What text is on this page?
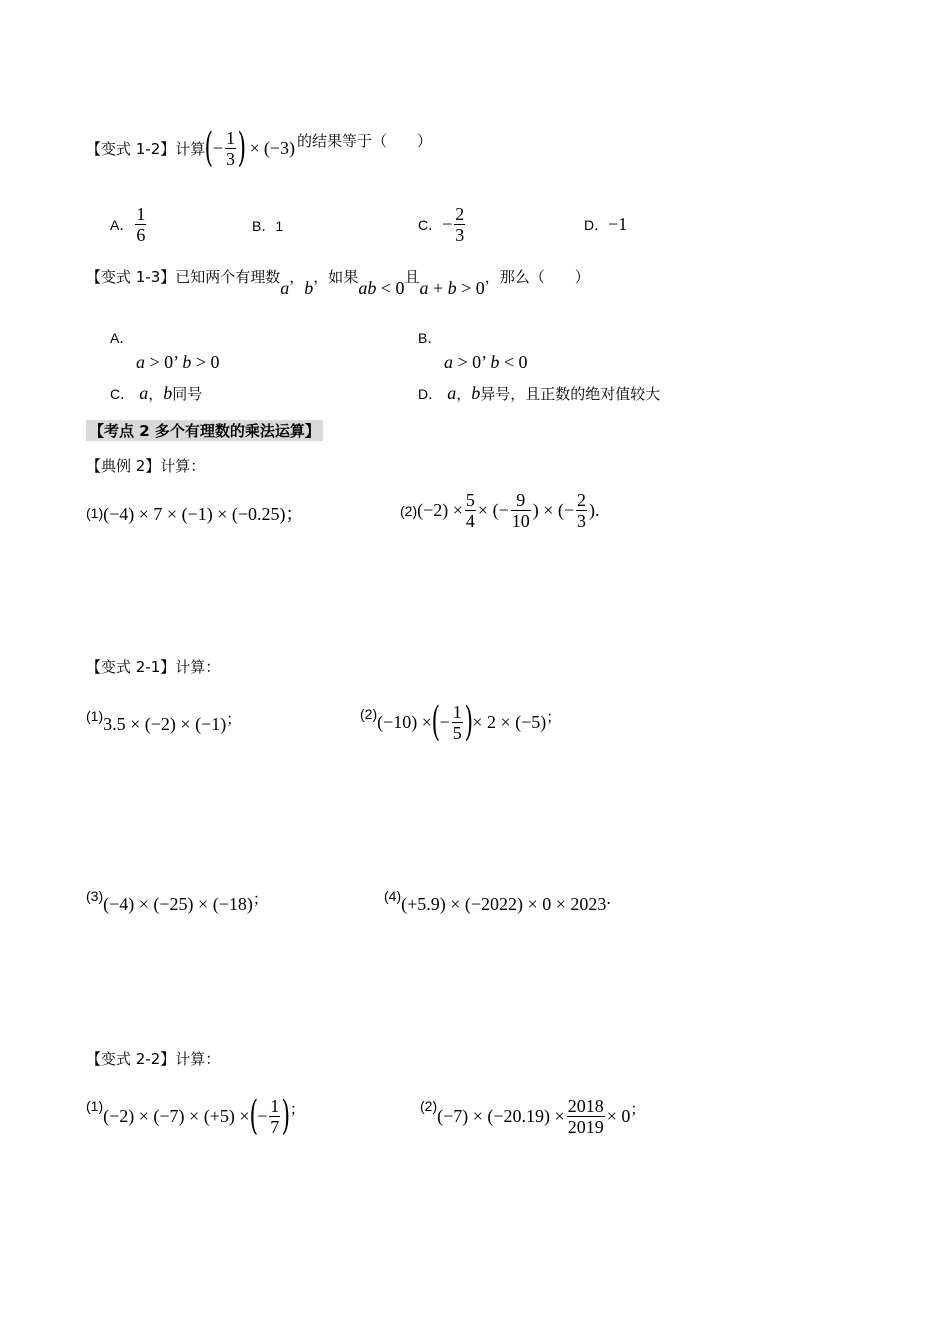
【变式 1-2】计算 ( − $\frac{1}{3}$ ) × (−3) 的结果等于（　　）
A． $\frac{1}{6}$	B．1	C． − $\frac{2}{3}$	D． −1
【变式 1-3】已知两个有理数a，b，如果ab < 0且a + b > 0，那么（　　）
A．
a > 0’ b > 0
B．
a > 0’ b < 0
C． a，b同号	D． a，b异号，且正数的绝对值较大
【考点 2 多个有理数的乘法运算】
【典例 2】计算：
(1) (−4) × 7 × (−1) × (−0.25)；	(2) $(-2) \times \frac{5}{4}$ × (− $\frac{9}{10}$ ) × (− $\frac{2}{3}$ ).
【变式 2-1】计算：
(1) 3.5 × (−2) × (−1) ；	(2) (−10) × ( − $\frac{1}{5}$ ) × 2 × (−5) ；
(3) (−4) × (−25) × (−18) ；	(4) (+5.9) × (−2022) × 0 × 2023 .
【变式 2-2】计算：
(1) (−2) × (−7) × (+5) × ( − $\frac{1}{7}$ ) ；	(2) $(-7) \times (-20.19) \times \frac{2018}{2019} \times 0$ ；
